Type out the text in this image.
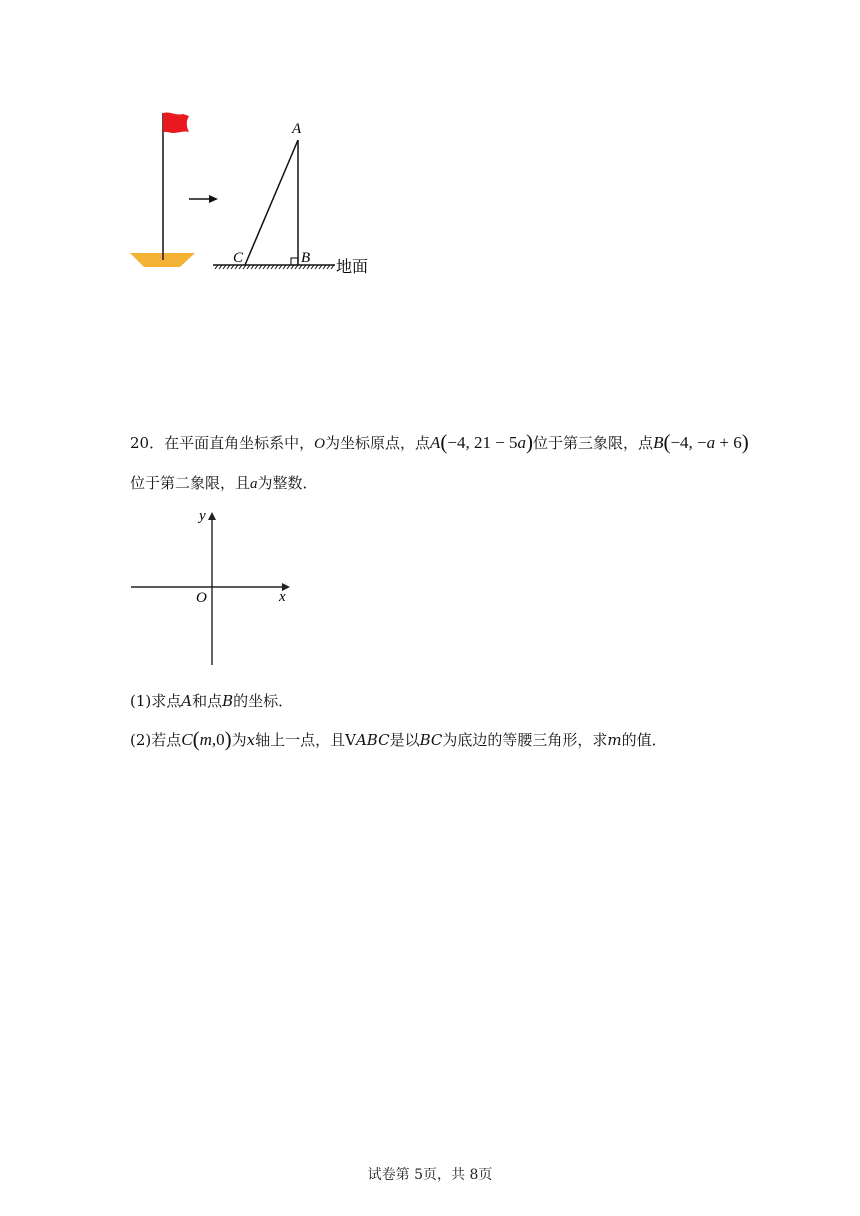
A
C	B
地面
20．在平面直角坐标系中，O为坐标原点，点A(−4, 21 − 5a)位于第三象限，点B(−4, −a + 6)
位于第二象限，且a为整数．
y
x
O
(1)求点A和点B的坐标．
(2)若点C(m,0)为x轴上一点，且VABC是以BC为底边的等腰三角形，求m的值．
试卷第 5页，共 8页
